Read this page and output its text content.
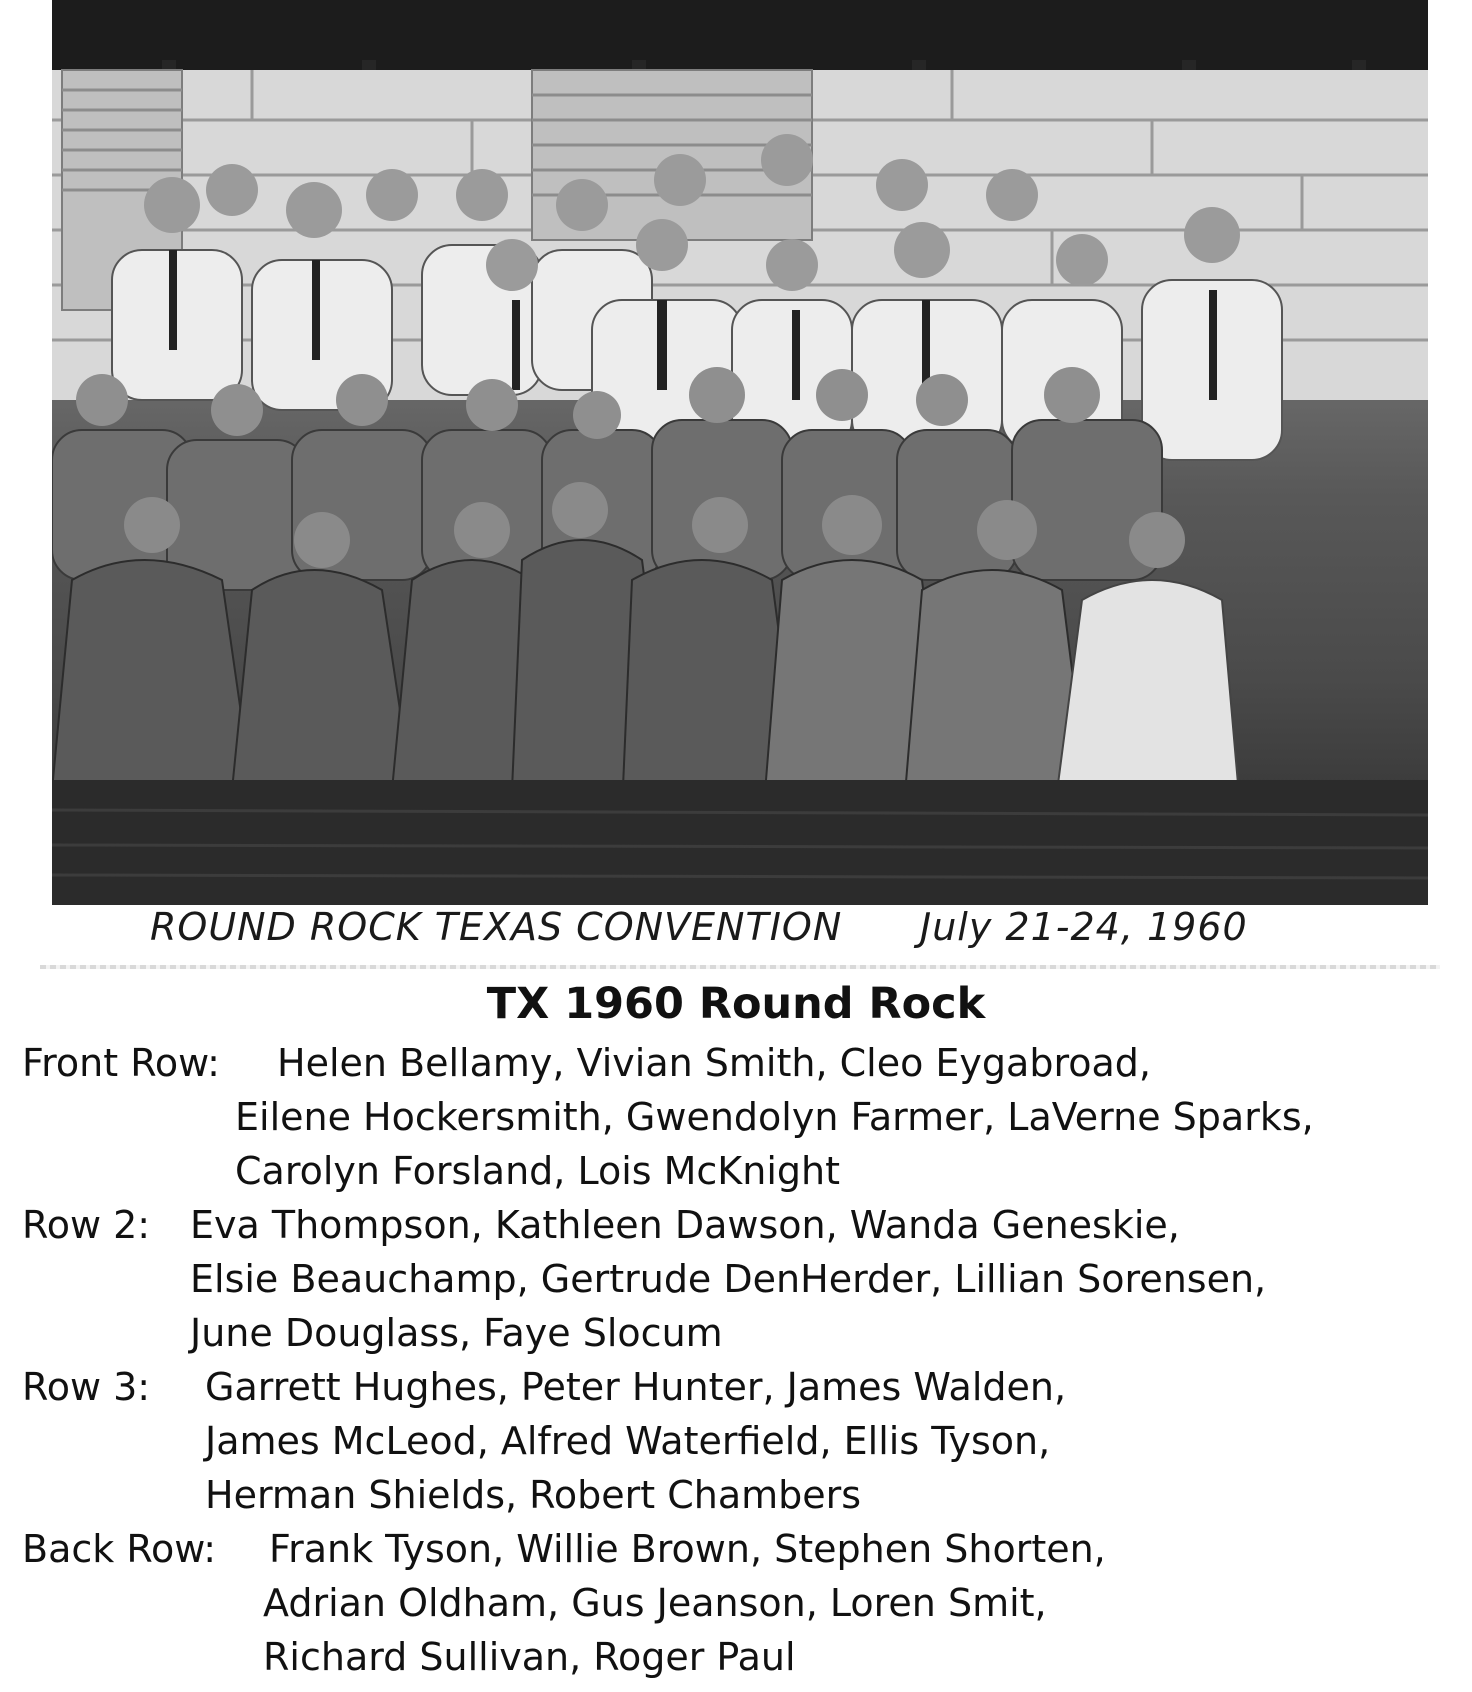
ROUND ROCK TEXAS CONVENTION July 21-24, 1960
TX 1960 Round Rock
Front Row:	Helen Bellamy, Vivian Smith, Cleo Eygabroad,
Eilene Hockersmith, Gwendolyn Farmer, LaVerne Sparks,
Carolyn Forsland, Lois McKnight
Row 2:	Eva Thompson, Kathleen Dawson, Wanda Geneskie,
Elsie Beauchamp, Gertrude DenHerder, Lillian Sorensen,
June Douglass, Faye Slocum
Row 3:	Garrett Hughes, Peter Hunter, James Walden,
James McLeod, Alfred Waterfield, Ellis Tyson,
Herman Shields, Robert Chambers
Back Row:	Frank Tyson, Willie Brown, Stephen Shorten,
Adrian Oldham, Gus Jeanson, Loren Smit,
Richard Sullivan, Roger Paul
